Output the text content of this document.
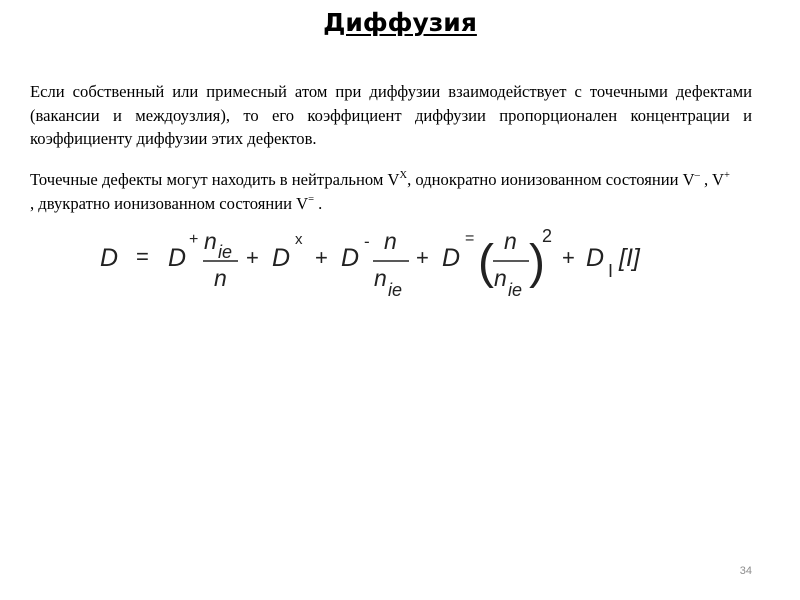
Диффузия
Если собственный или примесный атом при диффузии взаимодействует с точечными дефектами (вакансии и междоузлия), то его коэффициент диффузии пропорционален концентрации и коэффициенту диффузии этих дефектов.
Точечные дефекты могут находить в нейтральном $V^X$, однократно ионизованном состоянии V– , V+ , двукратно ионизованном состоянии V= .
D = D
+ n ie
n
+ D
x
+ D
- n
n ie
+ D
= ( n
n ie
)
2
+ D I [I]
34
